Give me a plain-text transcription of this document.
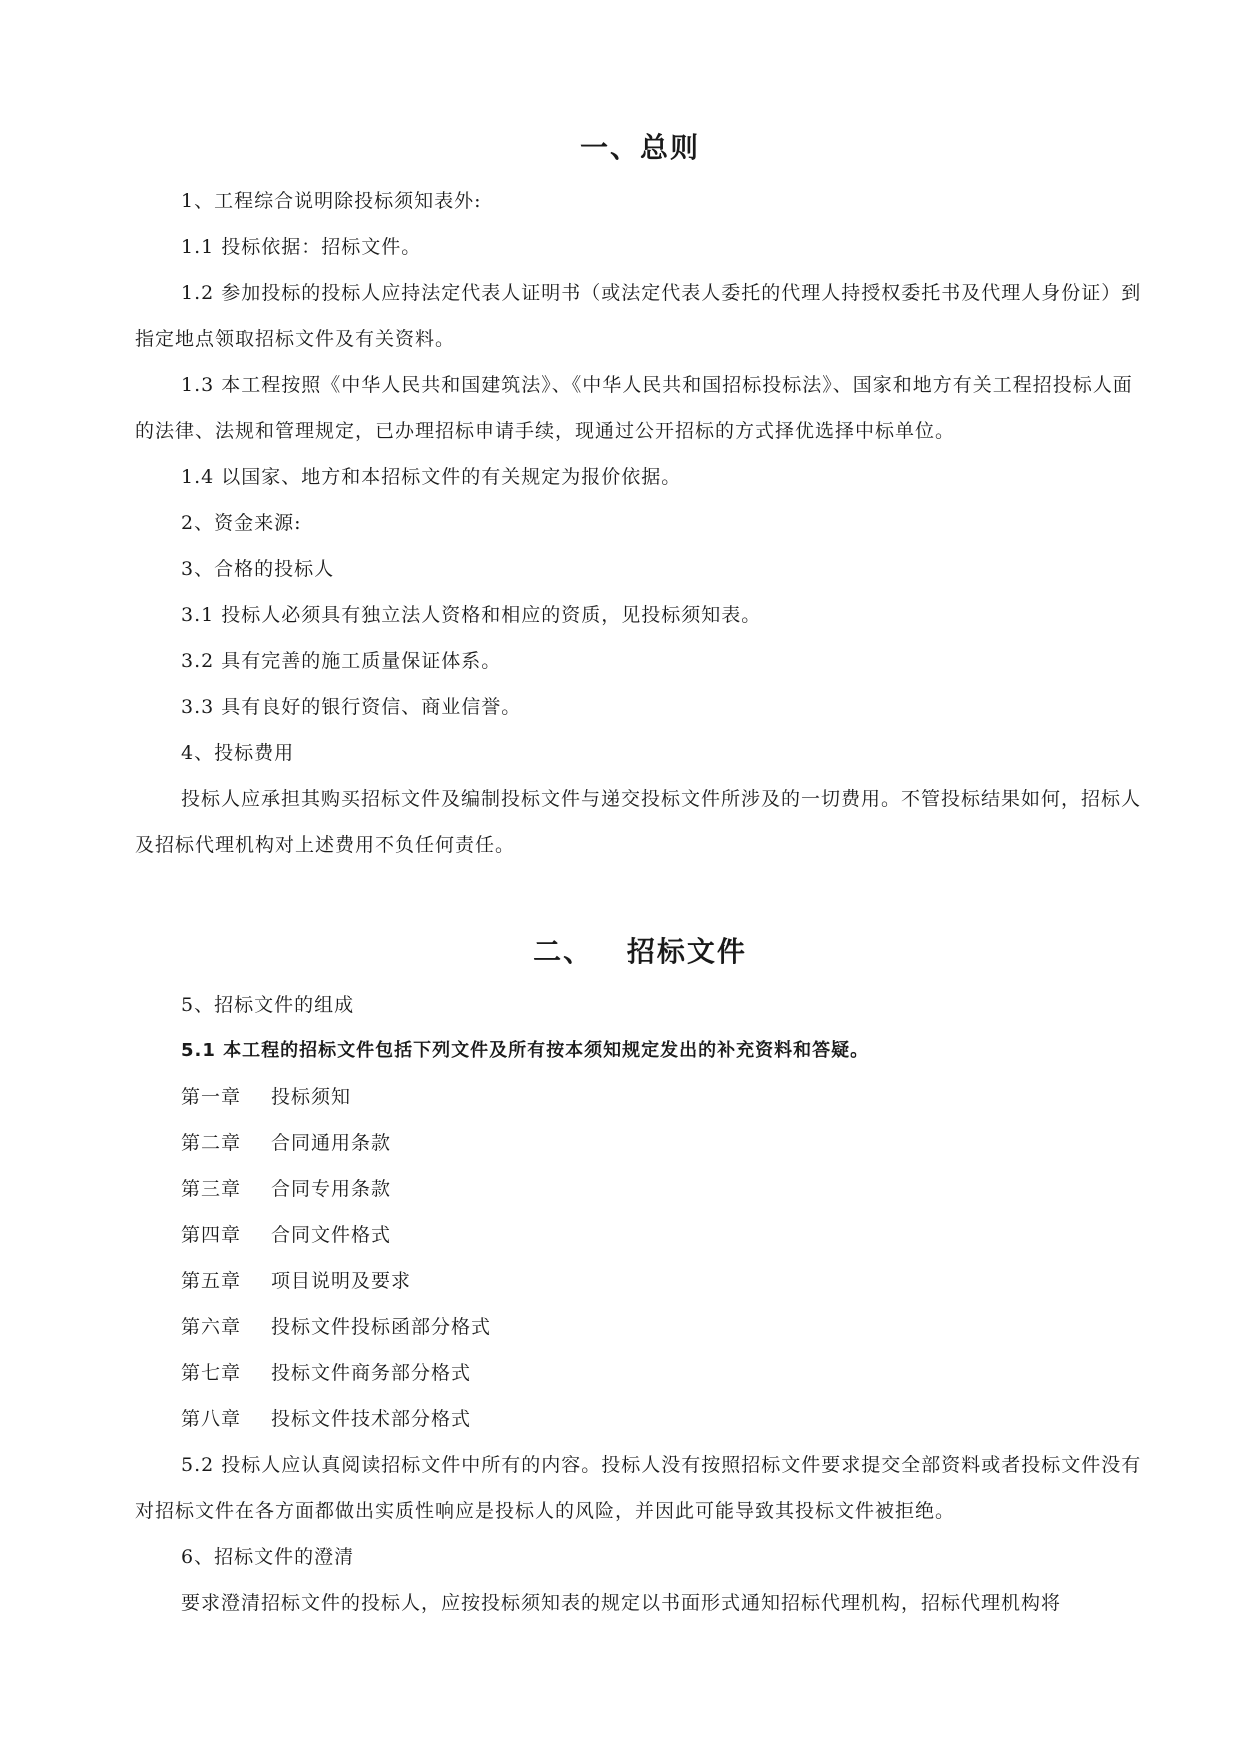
一、总则

1、工程综合说明除投标须知表外:

1.1 投标依据：招标文件。

1.2 参加投标的投标人应持法定代表人证明书（或法定代表人委托的代理人持授权委托书及代理人身份证）到指定地点领取招标文件及有关资料。

1.3 本工程按照《中华人民共和国建筑法》、《中华人民共和国招标投标法》、国家和地方有关工程招投标人面的法律、法规和管理规定，已办理招标申请手续，现通过公开招标的方式择优选择中标单位。

1.4 以国家、地方和本招标文件的有关规定为报价依据。

2、资金来源:

3、合格的投标人

3.1 投标人必须具有独立法人资格和相应的资质，见投标须知表。

3.2 具有完善的施工质量保证体系。

3.3 具有良好的银行资信、商业信誉。

4、投标费用

投标人应承担其购买招标文件及编制投标文件与递交投标文件所涉及的一切费用。不管投标结果如何，招标人及招标代理机构对上述费用不负任何责任。

二、 招标文件

5、招标文件的组成

5.1 本工程的招标文件包括下列文件及所有按本须知规定发出的补充资料和答疑。

第一章	投标须知
第二章	合同通用条款
第三章	合同专用条款
第四章	合同文件格式
第五章	项目说明及要求
第六章	投标文件投标函部分格式
第七章	投标文件商务部分格式
第八章	投标文件技术部分格式

5.2 投标人应认真阅读招标文件中所有的内容。投标人没有按照招标文件要求提交全部资料或者投标文件没有对招标文件在各方面都做出实质性响应是投标人的风险，并因此可能导致其投标文件被拒绝。

6、招标文件的澄清

要求澄清招标文件的投标人，应按投标须知表的规定以书面形式通知招标代理机构，招标代理机构将
